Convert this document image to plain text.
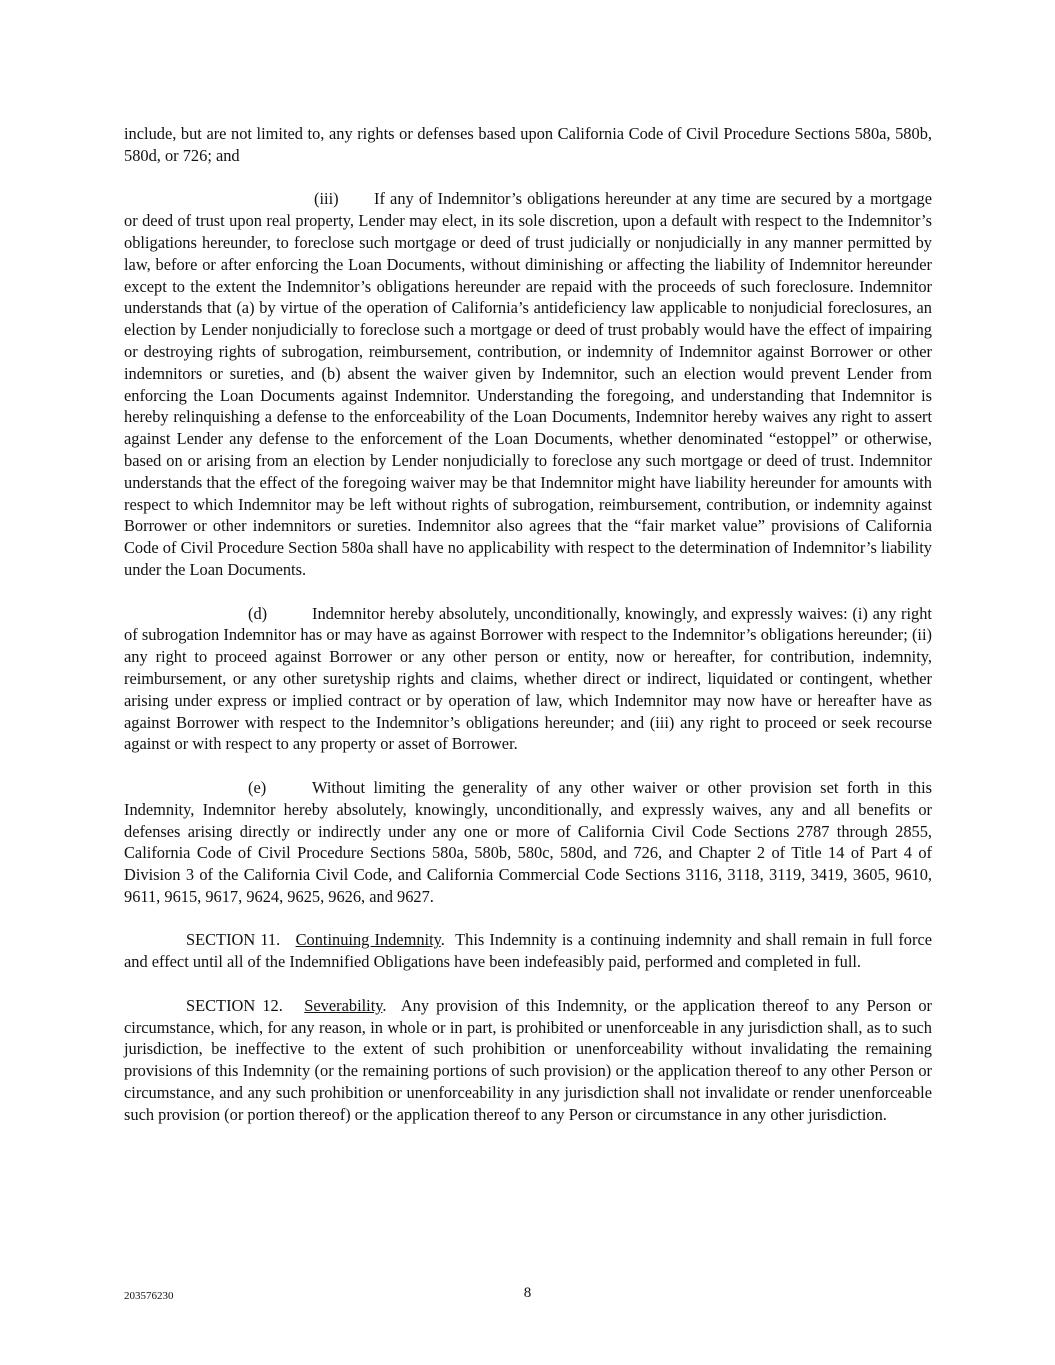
include, but are not limited to, any rights or defenses based upon California Code of Civil Procedure Sections 580a, 580b, 580d, or 726; and

(iii) If any of Indemnitor’s obligations hereunder at any time are secured by a mortgage or deed of trust upon real property, Lender may elect, in its sole discretion, upon a default with respect to the Indemnitor’s obligations hereunder, to foreclose such mortgage or deed of trust judicially or nonjudicially in any manner permitted by law, before or after enforcing the Loan Documents, without diminishing or affecting the liability of Indemnitor hereunder except to the extent the Indemnitor’s obligations hereunder are repaid with the proceeds of such foreclosure. Indemnitor understands that (a) by virtue of the operation of California’s antideficiency law applicable to nonjudicial foreclosures, an election by Lender nonjudicially to foreclose such a mortgage or deed of trust probably would have the effect of impairing or destroying rights of subrogation, reimbursement, contribution, or indemnity of Indemnitor against Borrower or other indemnitors or sureties, and (b) absent the waiver given by Indemnitor, such an election would prevent Lender from enforcing the Loan Documents against Indemnitor. Understanding the foregoing, and understanding that Indemnitor is hereby relinquishing a defense to the enforceability of the Loan Documents, Indemnitor hereby waives any right to assert against Lender any defense to the enforcement of the Loan Documents, whether denominated “estoppel” or otherwise, based on or arising from an election by Lender nonjudicially to foreclose any such mortgage or deed of trust. Indemnitor understands that the effect of the foregoing waiver may be that Indemnitor might have liability hereunder for amounts with respect to which Indemnitor may be left without rights of subrogation, reimbursement, contribution, or indemnity against Borrower or other indemnitors or sureties. Indemnitor also agrees that the “fair market value” provisions of California Code of Civil Procedure Section 580a shall have no applicability with respect to the determination of Indemnitor’s liability under the Loan Documents.

(d)	Indemnitor hereby absolutely, unconditionally, knowingly, and expressly waives: (i) any right of subrogation Indemnitor has or may have as against Borrower with respect to the Indemnitor’s obligations hereunder; (ii) any right to proceed against Borrower or any other person or entity, now or hereafter, for contribution, indemnity, reimbursement, or any other suretyship rights and claims, whether direct or indirect, liquidated or contingent, whether arising under express or implied contract or by operation of law, which Indemnitor may now have or hereafter have as against Borrower with respect to the Indemnitor’s obligations hereunder; and (iii) any right to proceed or seek recourse against or with respect to any property or asset of Borrower.

(e)	Without limiting the generality of any other waiver or other provision set forth in this Indemnity, Indemnitor hereby absolutely, knowingly, unconditionally, and expressly waives, any and all benefits or defenses arising directly or indirectly under any one or more of California Civil Code Sections 2787 through 2855, California Code of Civil Procedure Sections 580a, 580b, 580c, 580d, and 726, and Chapter 2 of Title 14 of Part 4 of Division 3 of the California Civil Code, and California Commercial Code Sections 3116, 3118, 3119, 3419, 3605, 9610, 9611, 9615, 9617, 9624, 9625, 9626, and 9627.

SECTION 11. Continuing Indemnity.  This Indemnity is a continuing indemnity and shall remain in full force and effect until all of the Indemnified Obligations have been indefeasibly paid, performed and completed in full.

SECTION 12. Severability.  Any provision of this Indemnity, or the application thereof to any Person or circumstance, which, for any reason, in whole or in part, is prohibited or unenforceable in any jurisdiction shall, as to such jurisdiction, be ineffective to the extent of such prohibition or unenforceability without invalidating the remaining provisions of this Indemnity (or the remaining portions of such provision) or the application thereof to any other Person or circumstance, and any such prohibition or unenforceability in any jurisdiction shall not invalidate or render unenforceable such provision (or portion thereof) or the application thereof to any Person or circumstance in any other jurisdiction.

203576230	8
